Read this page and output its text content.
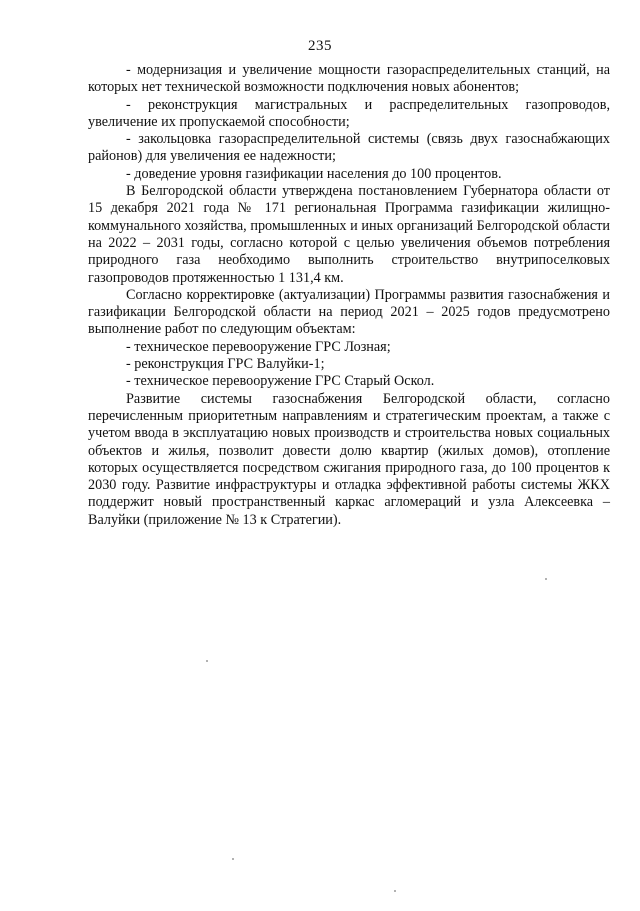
235

- модернизация и увеличение мощности газораспределительных станций, на которых нет технической возможности подключения новых абонентов;

- реконструкция магистральных и распределительных газопроводов, увеличение их пропускаемой способности;

- закольцовка газораспределительной системы (связь двух газоснабжающих районов) для увеличения ее надежности;

- доведение уровня газификации населения до 100 процентов.

В Белгородской области утверждена постановлением Губернатора области от 15 декабря 2021 года № 171 региональная Программа газификации жилищно-коммунального хозяйства, промышленных и иных организаций Белгородской области на 2022 – 2031 годы, согласно которой с целью увеличения объемов потребления природного газа необходимо выполнить строительство внутрипоселковых газопроводов протяженностью 1 131,4 км.

Согласно корректировке (актуализации) Программы развития газоснабжения и газификации Белгородской области на период 2021 – 2025 годов предусмотрено выполнение работ по следующим объектам:

- техническое перевооружение ГРС Лозная;

- реконструкция ГРС Валуйки-1;

- техническое перевооружение ГРС Старый Оскол.

Развитие системы газоснабжения Белгородской области, согласно перечисленным приоритетным направлениям и стратегическим проектам, а также с учетом ввода в эксплуатацию новых производств и строительства новых социальных объектов и жилья, позволит довести долю квартир (жилых домов), отопление которых осуществляется посредством сжигания природного газа, до 100 процентов к 2030 году. Развитие инфраструктуры и отладка эффективной работы системы ЖКХ поддержит новый пространственный каркас агломераций и узла Алексеевка – Валуйки (приложение № 13 к Стратегии).
